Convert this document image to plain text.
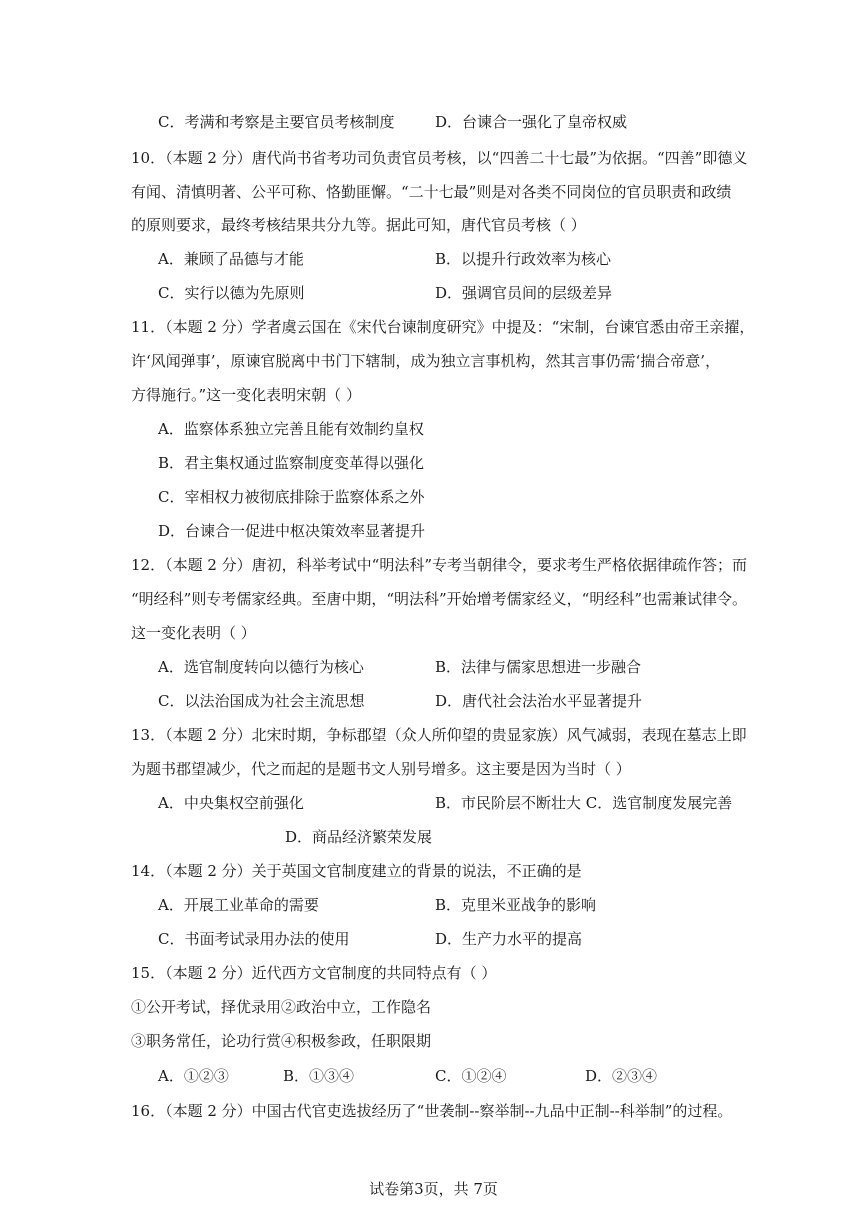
C．考满和考察是主要官员考核制度	D．台谏合一强化了皇帝权威
10．（本题 2 分）唐代尚书省考功司负责官员考核，以“四善二十七最”为依据。“四善”即德义
有闻、清慎明著、公平可称、恪勤匪懈。“二十七最”则是对各类不同岗位的官员职责和政绩
的原则要求，最终考核结果共分九等。据此可知，唐代官员考核（ ）
A．兼顾了品德与才能	B．以提升行政效率为核心
C．实行以德为先原则	D．强调官员间的层级差异
11．（本题 2 分）学者虞云国在《宋代台谏制度研究》中提及：“宋制，台谏官悉由帝王亲擢，
许‘风闻弹事’，原谏官脱离中书门下辖制，成为独立言事机构，然其言事仍需‘揣合帝意’，
方得施行。”这一变化表明宋朝（ ）
A．监察体系独立完善且能有效制约皇权
B．君主集权通过监察制度变革得以强化
C．宰相权力被彻底排除于监察体系之外
D．台谏合一促进中枢决策效率显著提升
12．（本题 2 分）唐初，科举考试中“明法科”专考当朝律令，要求考生严格依据律疏作答；而
“明经科”则专考儒家经典。至唐中期，“明法科”开始增考儒家经义，“明经科”也需兼试律令。
这一变化表明（ ）
A．选官制度转向以德行为核心	B．法律与儒家思想进一步融合
C．以法治国成为社会主流思想	D．唐代社会法治水平显著提升
13．（本题 2 分）北宋时期，争标郡望（众人所仰望的贵显家族）风气减弱，表现在墓志上即
为题书郡望减少，代之而起的是题书文人别号增多。这主要是因为当时（ ）
A．中央集权空前强化	B．市民阶层不断壮大 C．选官制度发展完善
D．商品经济繁荣发展
14．（本题 2 分）关于英国文官制度建立的背景的说法，不正确的是
A．开展工业革命的需要	B．克里米亚战争的影响
C．书面考试录用办法的使用	D．生产力水平的提高
15．（本题 2 分）近代西方文官制度的共同特点有（ ）
①公开考试，择优录用②政治中立，工作隐名
③职务常任，论功行赏④积极参政，任职限期
A．①②③	B．①③④	C．①②④	D．②③④
16．（本题 2 分）中国古代官吏选拔经历了“世袭制--察举制--九品中正制--科举制”的过程。
试卷第3页，共 7页
